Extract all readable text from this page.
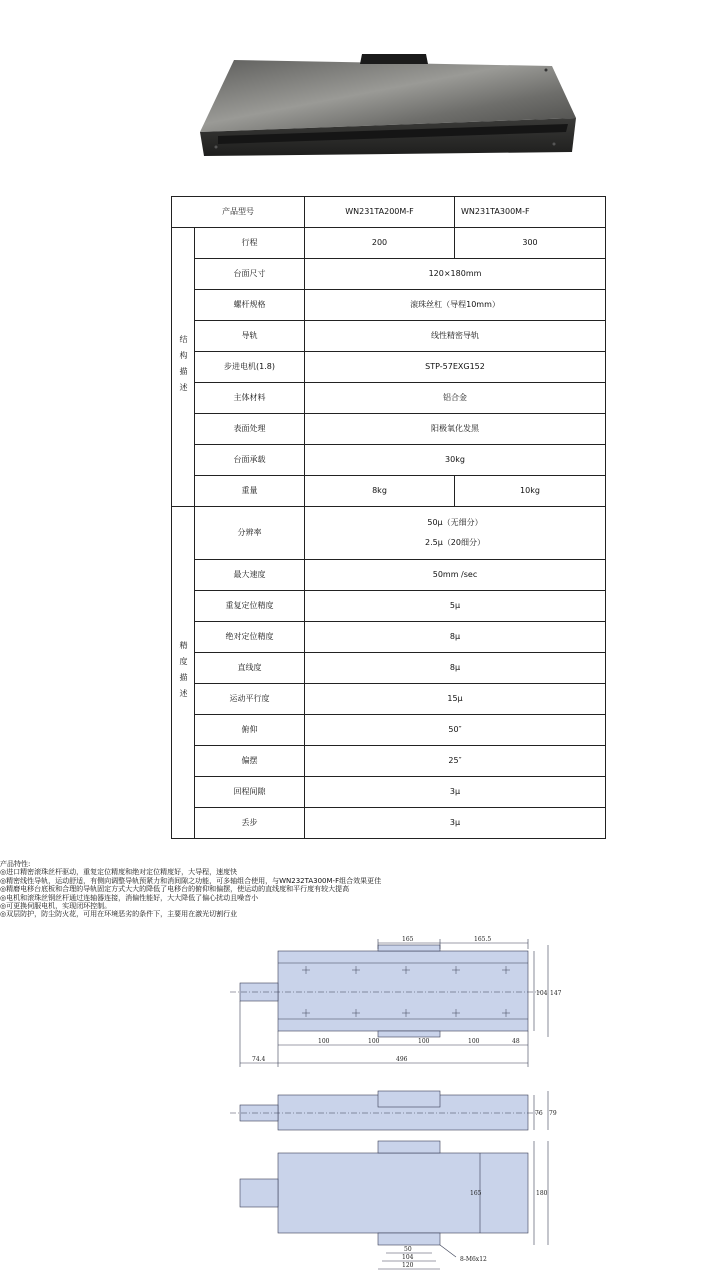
产品型号		WN231TA200M-F	WN231TA300M-F

结构描述	行程	200	300
	台面尺寸	120×180mm	
	螺杆规格	滚珠丝杠（导程10mm）	
	导轨	线性精密导轨	
	步进电机(1.8)	STP-57EXG152	
	主体材料	铝合金	
	表面处理	阳极氧化发黑	
	台面承载	30kg	
	重量	8kg	10kg

精度描述	分辨率	50μ（无细分）
2.5μ（20细分）	

	最大速度	50mm /sec	
	重复定位精度	5μ	
	绝对定位精度	8μ	
	直线度	8μ	
	运动平行度	15μ	
	俯仰	50″	
	偏摆	25″	
	回程间隙	3μ	
	丢步	3μ	
产品特性:
◎进口精密滚珠丝杆驱动，重复定位精度和绝对定位精度好，大导程，速度快
◎精密线性导轨，运动舒适，有侧向调整导轨预紧力和消间隙之功能，可多轴组合使用，与WN232TA300M-F组合效果更佳
◎精磨电移台底板和合理的导轨固定方式大大的降低了电移台的俯仰和偏摆，使运动的直线度和平行度有较大提高
◎电机和滚珠丝钢丝杆通过连轴器连接，消偏性能好，大大降低了偏心扰动且噪音小
◎可更换伺服电机，实现闭环控制。
◎双层防护，防尘防火花，可用在环境恶劣的条件下，主要用在激光切割行业
165	165.5
104 147
100	100	100	100	48
74.4	496
76 79
165	180
50
104
120
8-M6x12
